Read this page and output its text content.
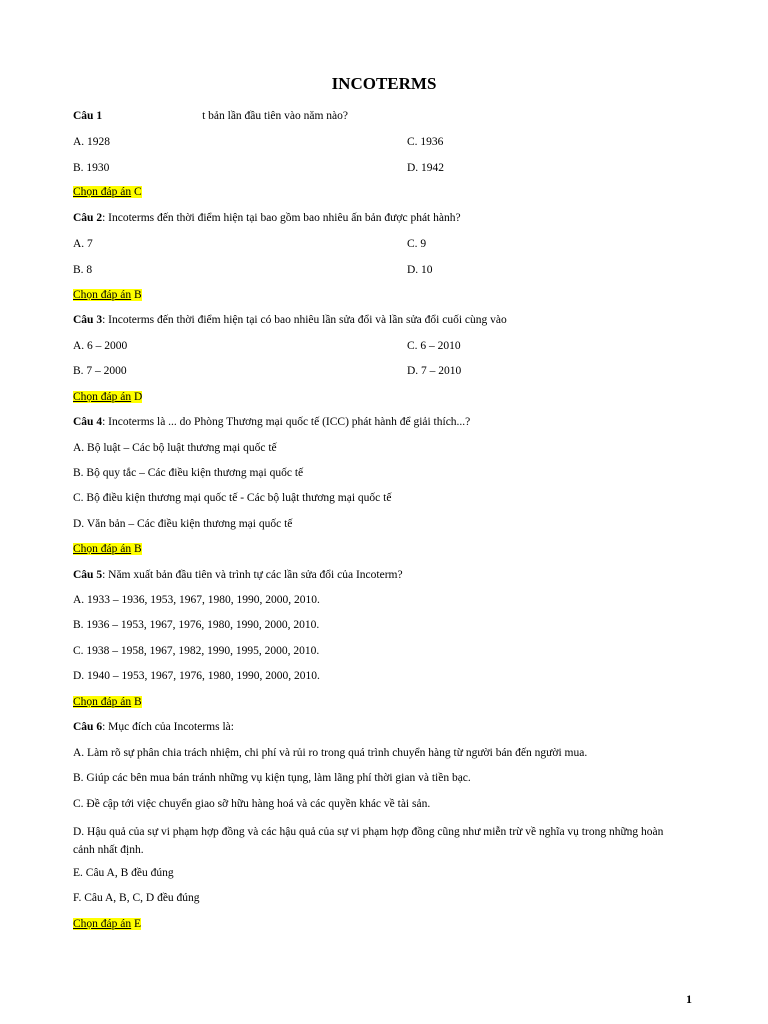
INCOTERMS
Câu 1	t bản lần đầu tiên vào năm nào?
A. 1928	C. 1936
B. 1930	D. 1942
Chọn đáp án C
Câu 2: Incoterms đến thời điểm hiện tại bao gồm bao nhiêu ấn bản được phát hành?
A. 7	C. 9
B. 8	D. 10
Chọn đáp án B
Câu 3: Incoterms đến thời điểm hiện tại có bao nhiêu lần sửa đổi và lần sửa đổi cuối cùng vào
A. 6 – 2000	C. 6 – 2010
B. 7 – 2000	D. 7 – 2010
Chọn đáp án D
Câu 4: Incoterms là ... do Phòng Thương mại quốc tế (ICC) phát hành để giải thích...?
A. Bộ luật – Các bộ luật thương mại quốc tế
B. Bộ quy tắc – Các điều kiện thương mại quốc tế
C. Bộ điều kiện thương mại quốc tế - Các bộ luật thương mại quốc tế
D. Văn bản – Các điều kiện thương mại quốc tế
Chọn đáp án B
Câu 5: Năm xuất bản đầu tiên và trình tự các lần sửa đổi của Incoterm?
A. 1933 – 1936, 1953, 1967, 1980, 1990, 2000, 2010.
B. 1936 – 1953, 1967, 1976, 1980, 1990, 2000, 2010.
C. 1938 – 1958, 1967, 1982, 1990, 1995, 2000, 2010.
D. 1940 – 1953, 1967, 1976, 1980, 1990, 2000, 2010.
Chọn đáp án B
Câu 6: Mục đích của Incoterms là:
A. Làm rõ sự phân chia trách nhiệm, chi phí và rủi ro trong quá trình chuyển hàng từ người bán đến người mua.
B. Giúp các bên mua bán tránh những vụ kiện tụng, làm lãng phí thời gian và tiền bạc.
C. Đề cập tới việc chuyển giao sỡ hữu hàng hoá và các quyền khác về tài sản.
D. Hậu quả của sự vi phạm hợp đồng và các hậu quả của sự vi phạm hợp đồng cũng như miễn trừ về nghĩa vụ trong những hoàn cảnh nhất định.
E. Câu A, B đều đúng
F. Câu A, B, C, D đều đúng
Chọn đáp án E
1
